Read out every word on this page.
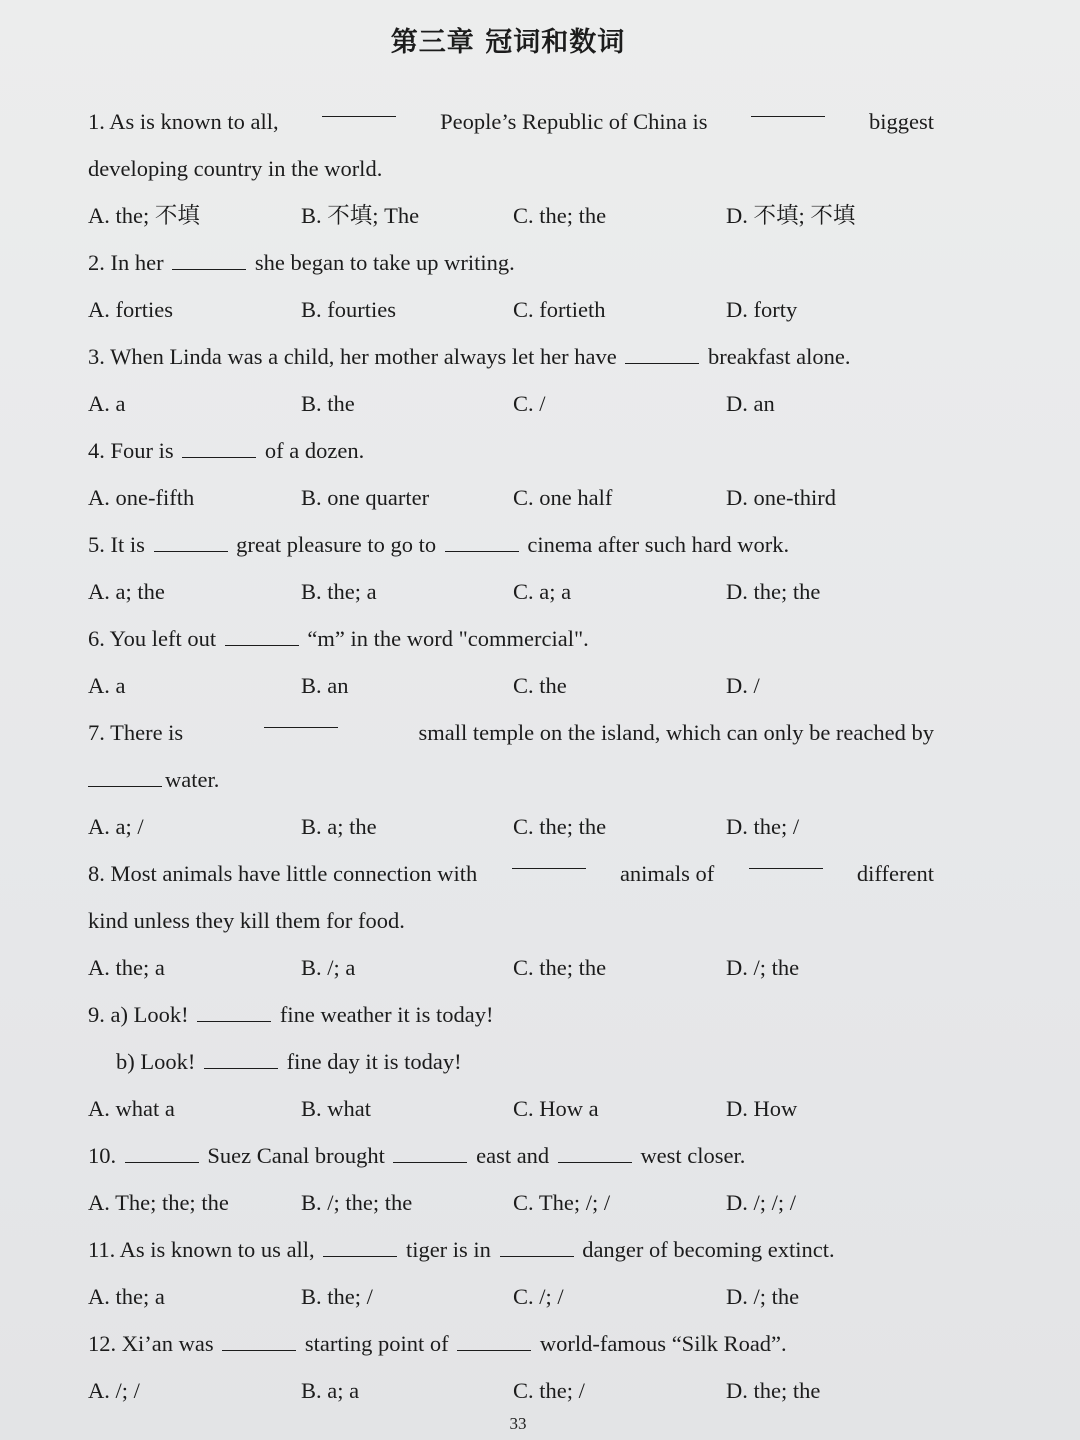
第三章 冠词和数词
1. As is known to all,	People’s Republic of China is	biggest
developing country in the world.
A. the; 不填	B. 不填; The	C. the; the	D. 不填; 不填
2. In her	she began to take up writing.
A. forties	B. fourties	C. fortieth	D. forty
3. When Linda was a child, her mother always let her have	breakfast alone.
A. a	B. the	C. /	D. an
4. Four is	of a dozen.
A. one-fifth	B. one quarter	C. one half	D. one-third
5. It is	great pleasure to go to	cinema after such hard work.
A. a; the	B. the; a	C. a; a	D. the; the
6. You left out	“m” in the word "commercial".
A. a	B. an	C. the	D. /
7. There is	small temple on the island, which can only be reached by
water.
A. a; /	B. a; the	C. the; the	D. the; /
8. Most animals have little connection with	animals of	different
kind unless they kill them for food.
A. the; a	B. /; a	C. the; the	D. /; the
9. a) Look!	fine weather it is today!
b) Look!	fine day it is today!
A. what a	B. what	C. How a	D. How
10.	Suez Canal brought	east and	west closer.
A. The; the; the	B. /; the; the	C. The; /; /	D. /; /; /
11. As is known to us all,	tiger is in	danger of becoming extinct.
A. the; a	B. the; /	C. /; /	D. /; the
12. Xi’an was	starting point of	world-famous “Silk Road”.
A. /; /	B. a; a	C. the; /	D. the; the
33
